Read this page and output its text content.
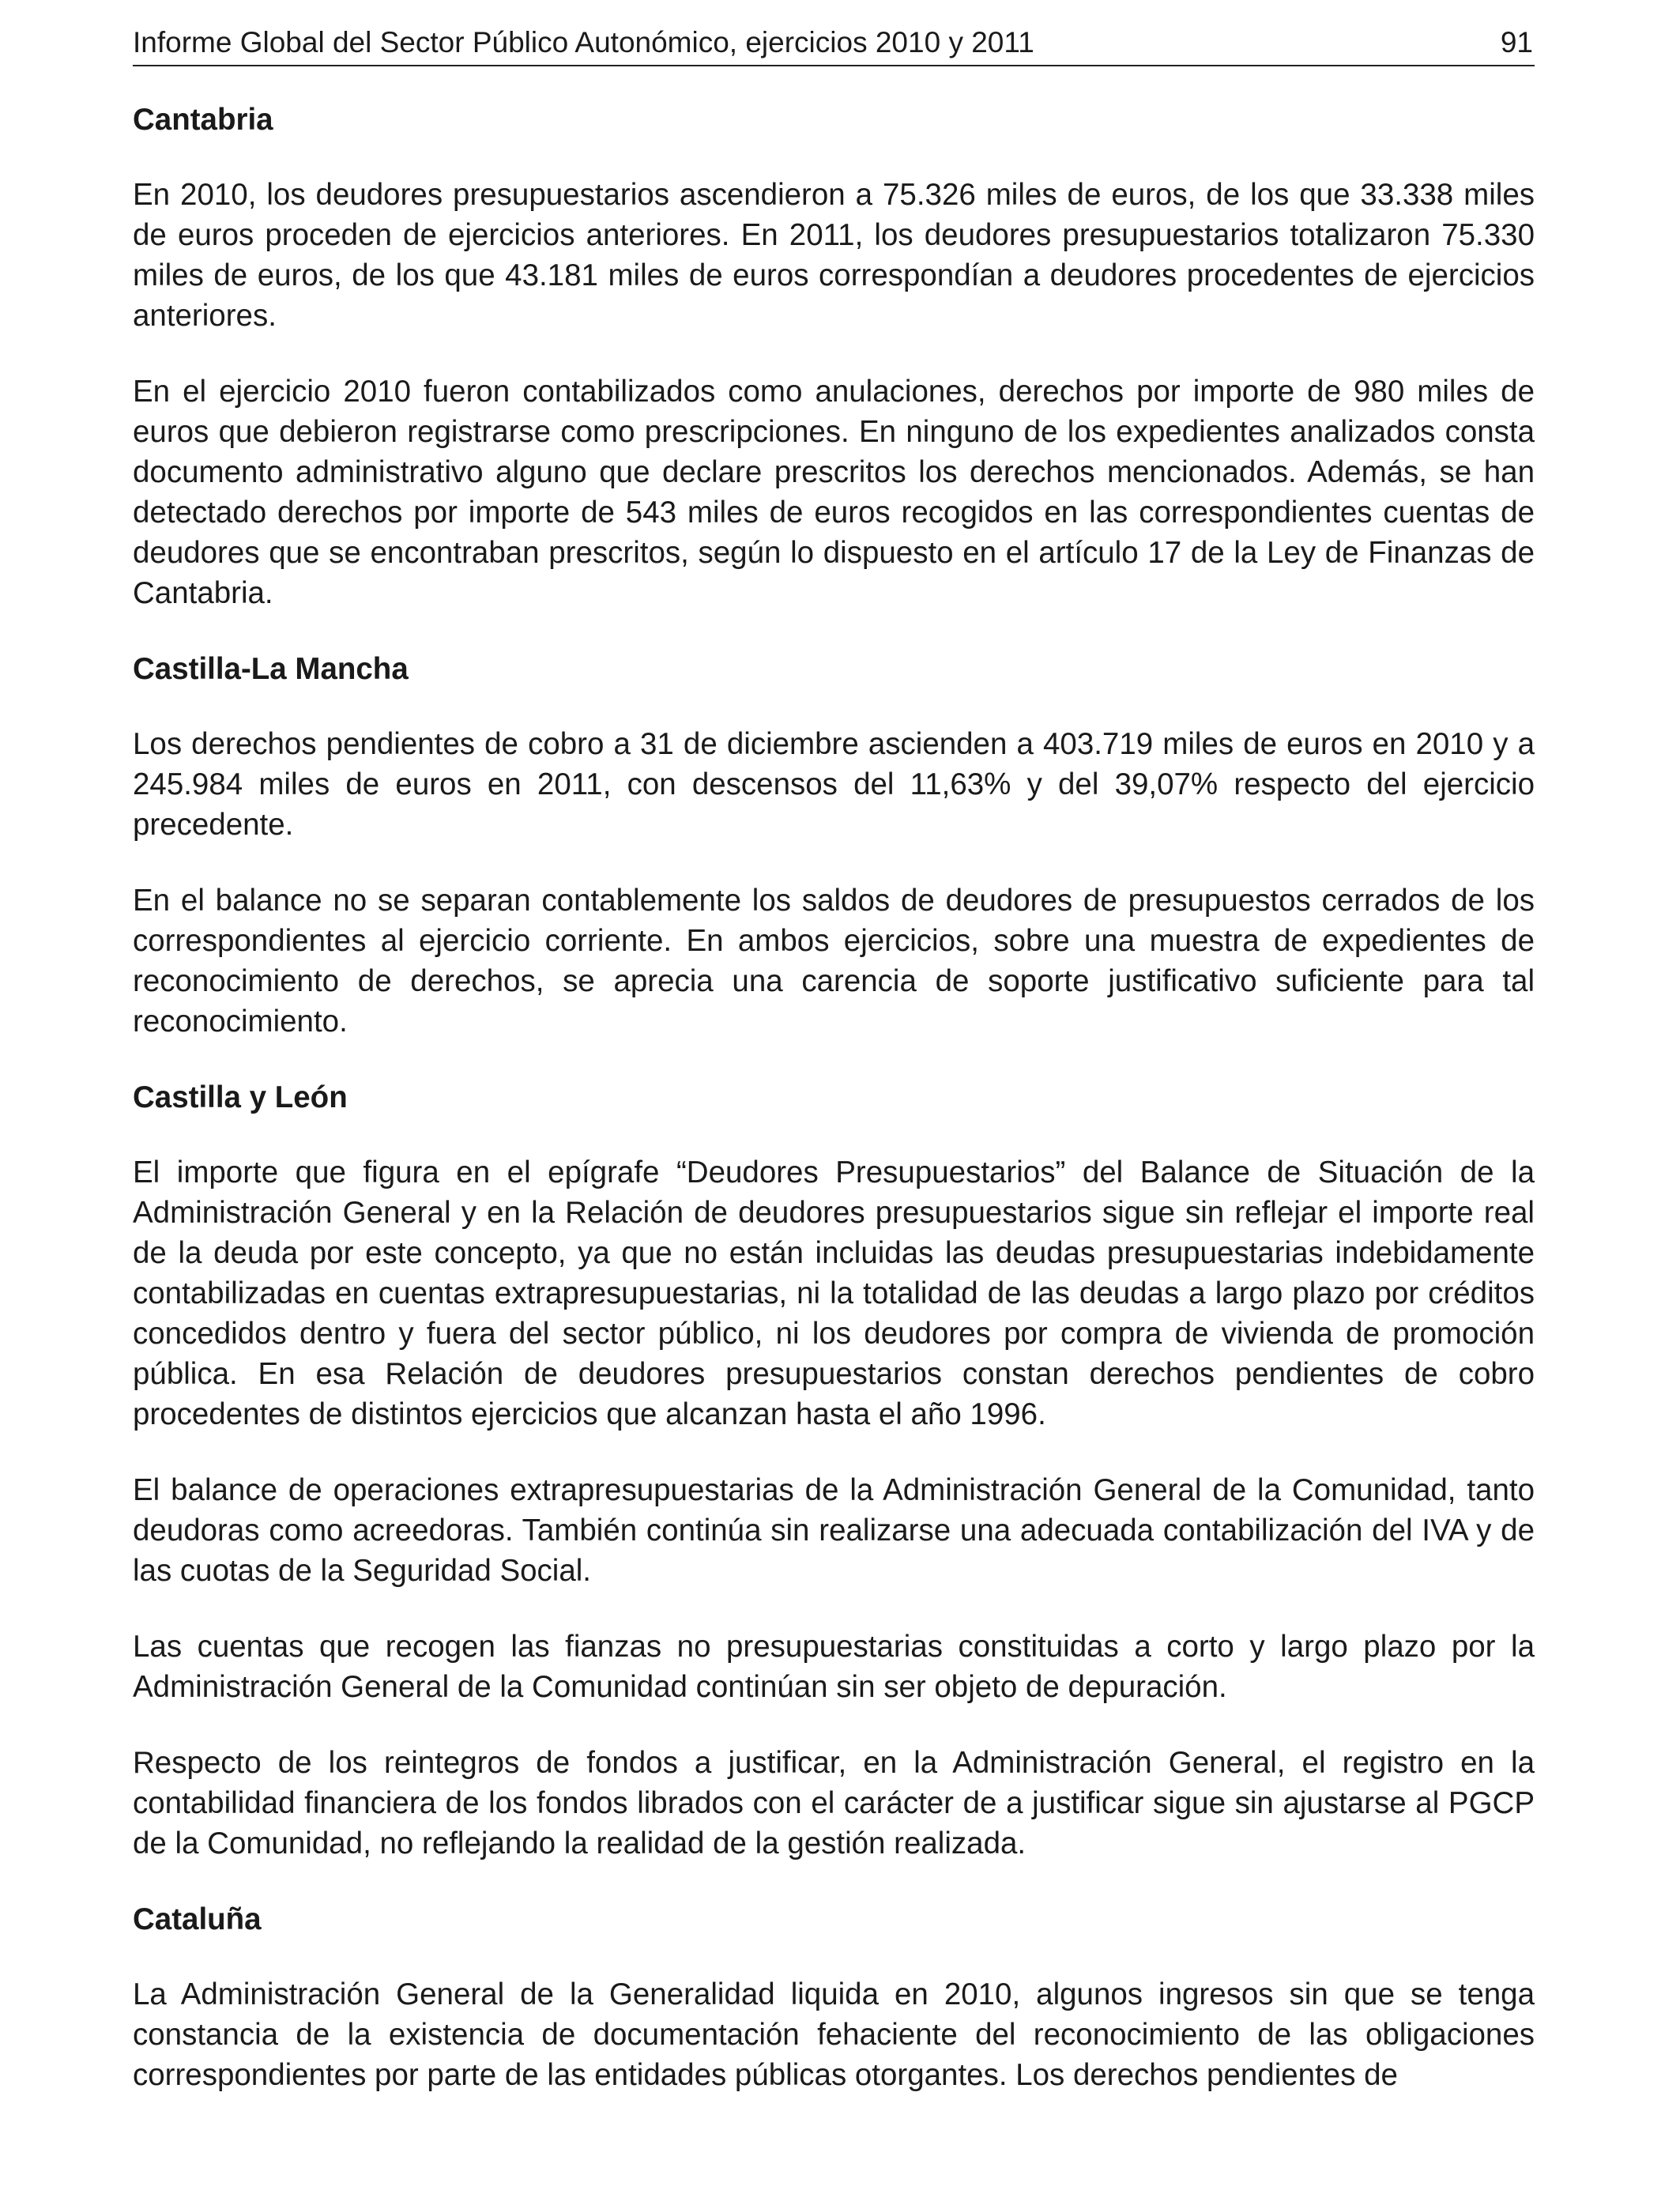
Informe Global del Sector Público Autonómico, ejercicios 2010 y 2011	91
Cantabria

En 2010, los deudores presupuestarios ascendieron a 75.326 miles de euros, de los que 33.338 miles de euros proceden de ejercicios anteriores. En 2011, los deudores presupuestarios totalizaron 75.330 miles de euros, de los que 43.181 miles de euros correspondían a deudores procedentes de ejercicios anteriores.

En el ejercicio 2010 fueron contabilizados como anulaciones, derechos por importe de 980 miles de euros que debieron registrarse como prescripciones. En ninguno de los expedientes analizados consta documento administrativo alguno que declare prescritos los derechos mencionados. Además, se han detectado derechos por importe de 543 miles de euros recogidos en las correspondientes cuentas de deudores que se encontraban prescritos, según lo dispuesto en el artículo 17 de la Ley de Finanzas de Cantabria.

Castilla-La Mancha

Los derechos pendientes de cobro a 31 de diciembre ascienden a 403.719 miles de euros en 2010 y a 245.984 miles de euros en 2011, con descensos del 11,63% y del 39,07% respecto del ejercicio precedente.

En el balance no se separan contablemente los saldos de deudores de presupuestos cerrados de los correspondientes al ejercicio corriente. En ambos ejercicios, sobre una muestra de expedientes de reconocimiento de derechos, se aprecia una carencia de soporte justificativo suficiente para tal reconocimiento.

Castilla y León

El importe que figura en el epígrafe “Deudores Presupuestarios” del Balance de Situación de la Administración General y en la Relación de deudores presupuestarios sigue sin reflejar el importe real de la deuda por este concepto, ya que no están incluidas las deudas presupuestarias indebidamente contabilizadas en cuentas extrapresupuestarias, ni la totalidad de las deudas a largo plazo por créditos concedidos dentro y fuera del sector público, ni los deudores por compra de vivienda de promoción pública. En esa Relación de deudores presupuestarios constan derechos pendientes de cobro procedentes de distintos ejercicios que alcanzan hasta el año 1996.

El balance de operaciones extrapresupuestarias de la Administración General de la Comunidad, tanto deudoras como acreedoras. También continúa sin realizarse una adecuada contabilización del IVA y de las cuotas de la Seguridad Social.

Las cuentas que recogen las fianzas no presupuestarias constituidas a corto y largo plazo por la Administración General de la Comunidad continúan sin ser objeto de depuración.

Respecto de los reintegros de fondos a justificar, en la Administración General, el registro en la contabilidad financiera de los fondos librados con el carácter de a justificar sigue sin ajustarse al PGCP de la Comunidad, no reflejando la realidad de la gestión realizada.

Cataluña

La Administración General de la Generalidad liquida en 2010, algunos ingresos sin que se tenga constancia de la existencia de documentación fehaciente del reconocimiento de las obligaciones correspondientes por parte de las entidades públicas otorgantes. Los derechos pendientes de
